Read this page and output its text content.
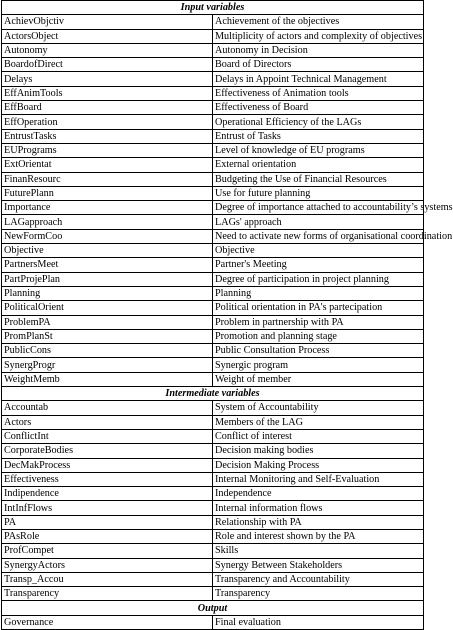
Input variables	
AchievObjctiv	Achievement of the objectives
ActorsObject	Multiplicity of actors and complexity of objectives
Autonomy	Autonomy in Decision
BoardofDirect	Board of Directors
Delays	Delays in Appoint Technical Management
EffAnimTools	Effectiveness of Animation tools
EffBoard	Effectiveness of Board
EffOperation	Operational Efficiency of the LAGs
EntrustTasks	Entrust of Tasks
EUPrograms	Level of knowledge of EU programs
ExtOrientat	External orientation
FinanResourc	Budgeting the Use of Financial Resources
FuturePlann	Use for future planning
Importance	Degree of importance attached to accountability’s systems
LAGapproach	LAGs' approach
NewFormCoo	Need to activate new forms of organisational coordination
Objective	Objective
PartnersMeet	Partner's Meeting
PartProjePlan	Degree of participation in project planning
Planning	Planning
PoliticalOrient	Political orientation in PA's partecipation
ProblemPA	Problem in partnership with PA
PromPlanSt	Promotion and planning stage
PublicCons	Public Consultation Process
SynergProgr	Synergic program
WeightMemb	Weight of member
Intermediate variables	
Accountab	System of Accountability
Actors	Members of the LAG
ConflictInt	Conflict of interest
CorporateBodies	Decision making bodies
DecMakProcess	Decision Making Process
Effectiveness	Internal Monitoring and Self-Evaluation
Indipendence	Independence
IntInfFlows	Internal information flows
PA	Relationship with PA
PAsRole	Role and interest shown by the PA
ProfCompet	Skills
SynergyActors	Synergy Between Stakeholders
Transp_Accou	Transparency and Accountability
Transparency	Transparency
Output	
Governance	Final evaluation
